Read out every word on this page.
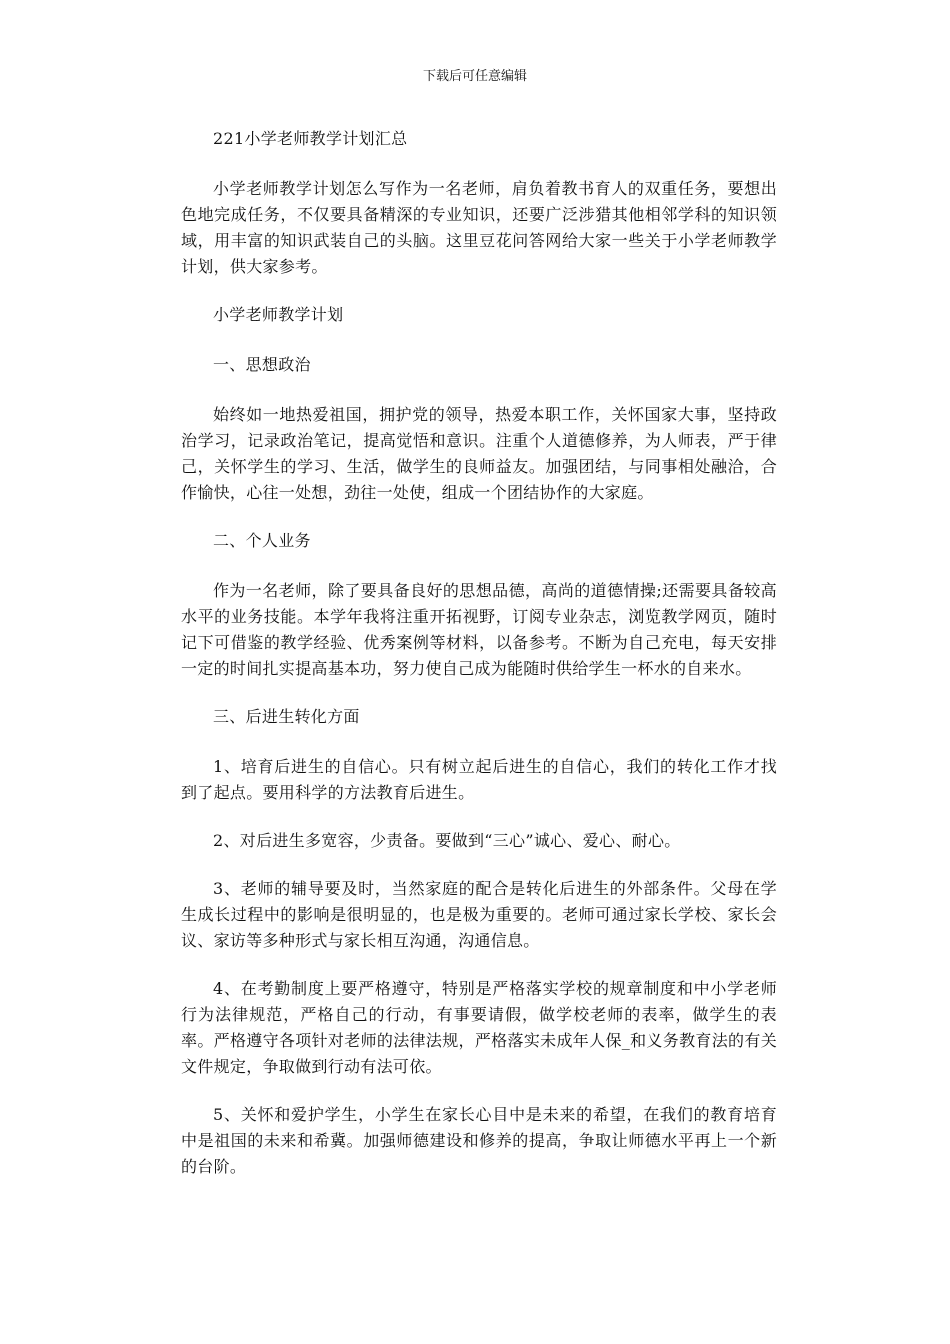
下载后可任意编辑

221小学老师教学计划汇总

小学老师教学计划怎么写作为一名老师，肩负着教书育人的双重任务，要想出色地完成任务，不仅要具备精深的专业知识，还要广泛涉猎其他相邻学科的知识领域，用丰富的知识武装自己的头脑。这里豆花问答网给大家一些关于小学老师教学计划，供大家参考。

小学老师教学计划

一、思想政治

始终如一地热爱祖国，拥护党的领导，热爱本职工作，关怀国家大事，坚持政治学习，记录政治笔记，提高觉悟和意识。注重个人道德修养，为人师表，严于律己，关怀学生的学习、生活，做学生的良师益友。加强团结，与同事相处融洽，合作愉快，心往一处想，劲往一处使，组成一个团结协作的大家庭。

二、个人业务

作为一名老师，除了要具备良好的思想品德，高尚的道德情操;还需要具备较高水平的业务技能。本学年我将注重开拓视野，订阅专业杂志，浏览教学网页，随时记下可借鉴的教学经验、优秀案例等材料，以备参考。不断为自己充电，每天安排一定的时间扎实提高基本功，努力使自己成为能随时供给学生一杯水的自来水。

三、后进生转化方面

1、培育后进生的自信心。只有树立起后进生的自信心，我们的转化工作才找到了起点。要用科学的方法教育后进生。

2、对后进生多宽容，少责备。要做到“三心”诚心、爱心、耐心。

3、老师的辅导要及时，当然家庭的配合是转化后进生的外部条件。父母在学生成长过程中的影响是很明显的，也是极为重要的。老师可通过家长学校、家长会议、家访等多种形式与家长相互沟通，沟通信息。

4、在考勤制度上要严格遵守，特别是严格落实学校的规章制度和中小学老师行为法律规范，严格自己的行动，有事要请假，做学校老师的表率，做学生的表率。严格遵守各项针对老师的法律法规，严格落实未成年人保_和义务教育法的有关文件规定，争取做到行动有法可依。

5、关怀和爱护学生，小学生在家长心目中是未来的希望，在我们的教育培育中是祖国的未来和希冀。加强师德建设和修养的提高，争取让师德水平再上一个新的台阶。
